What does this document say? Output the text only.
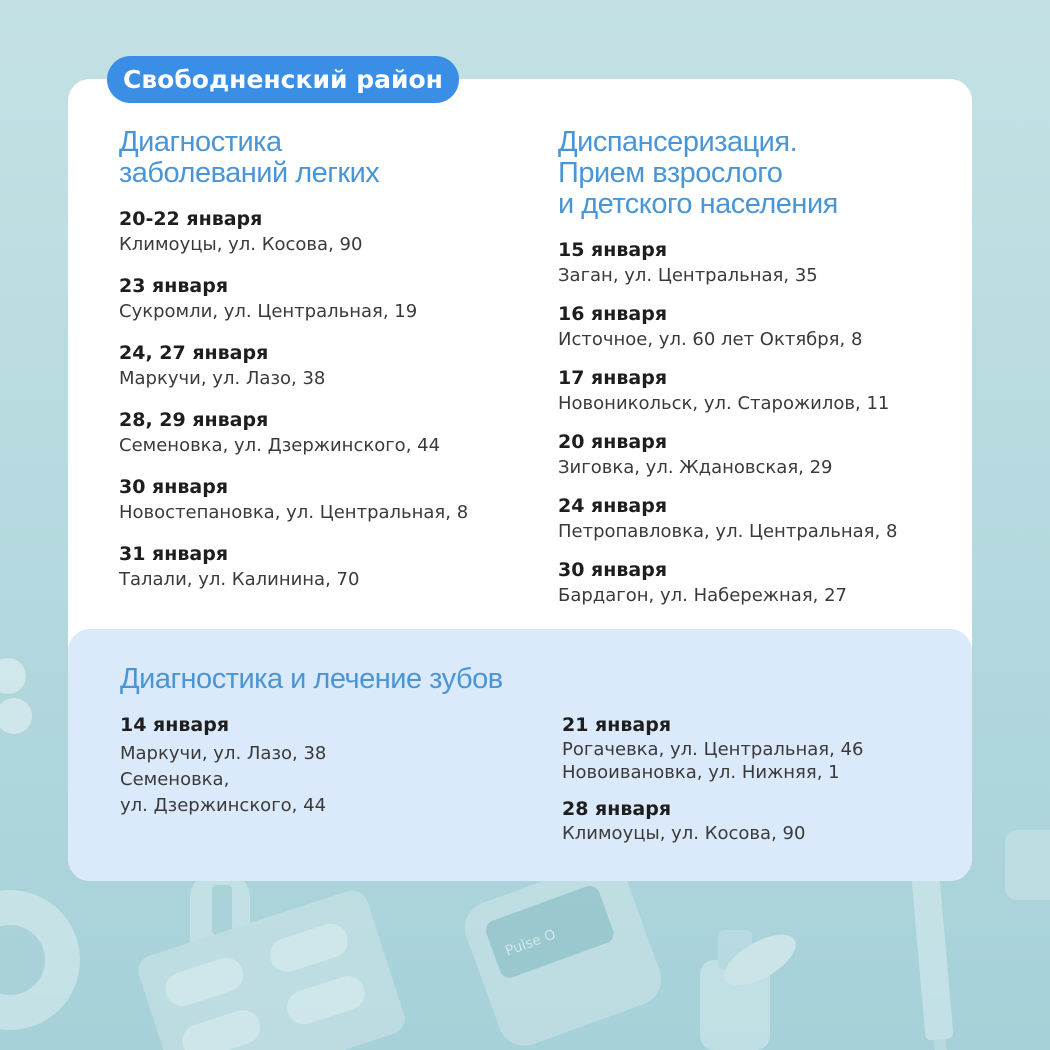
Pulse O
Свободненский район
Диагностика
заболеваний легких
20-22 января
Климоуцы, ул. Косова, 90
23 января
Сукромли, ул. Центральная, 19
24, 27 января
Маркучи, ул. Лазо, 38
28, 29 января
Семеновка, ул. Дзержинского, 44
30 января
Новостепановка, ул. Центральная, 8
31 января
Талали, ул. Калинина, 70
Диспансеризация.
Прием взрослого
и детского населения
15 января
Заган, ул. Центральная, 35
16 января
Источное, ул. 60 лет Октября, 8
17 января
Новоникольск, ул. Старожилов, 11
20 января
Зиговка, ул. Ждановская, 29
24 января
Петропавловка, ул. Центральная, 8
30 января
Бардагон, ул. Набережная, 27
Диагностика и лечение зубов
14 января
Маркучи, ул. Лазо, 38
Семеновка,
ул. Дзержинского, 44
21 января
Рогачевка, ул. Центральная, 46
Новоивановка, ул. Нижняя, 1
28 января
Климоуцы, ул. Косова, 90
